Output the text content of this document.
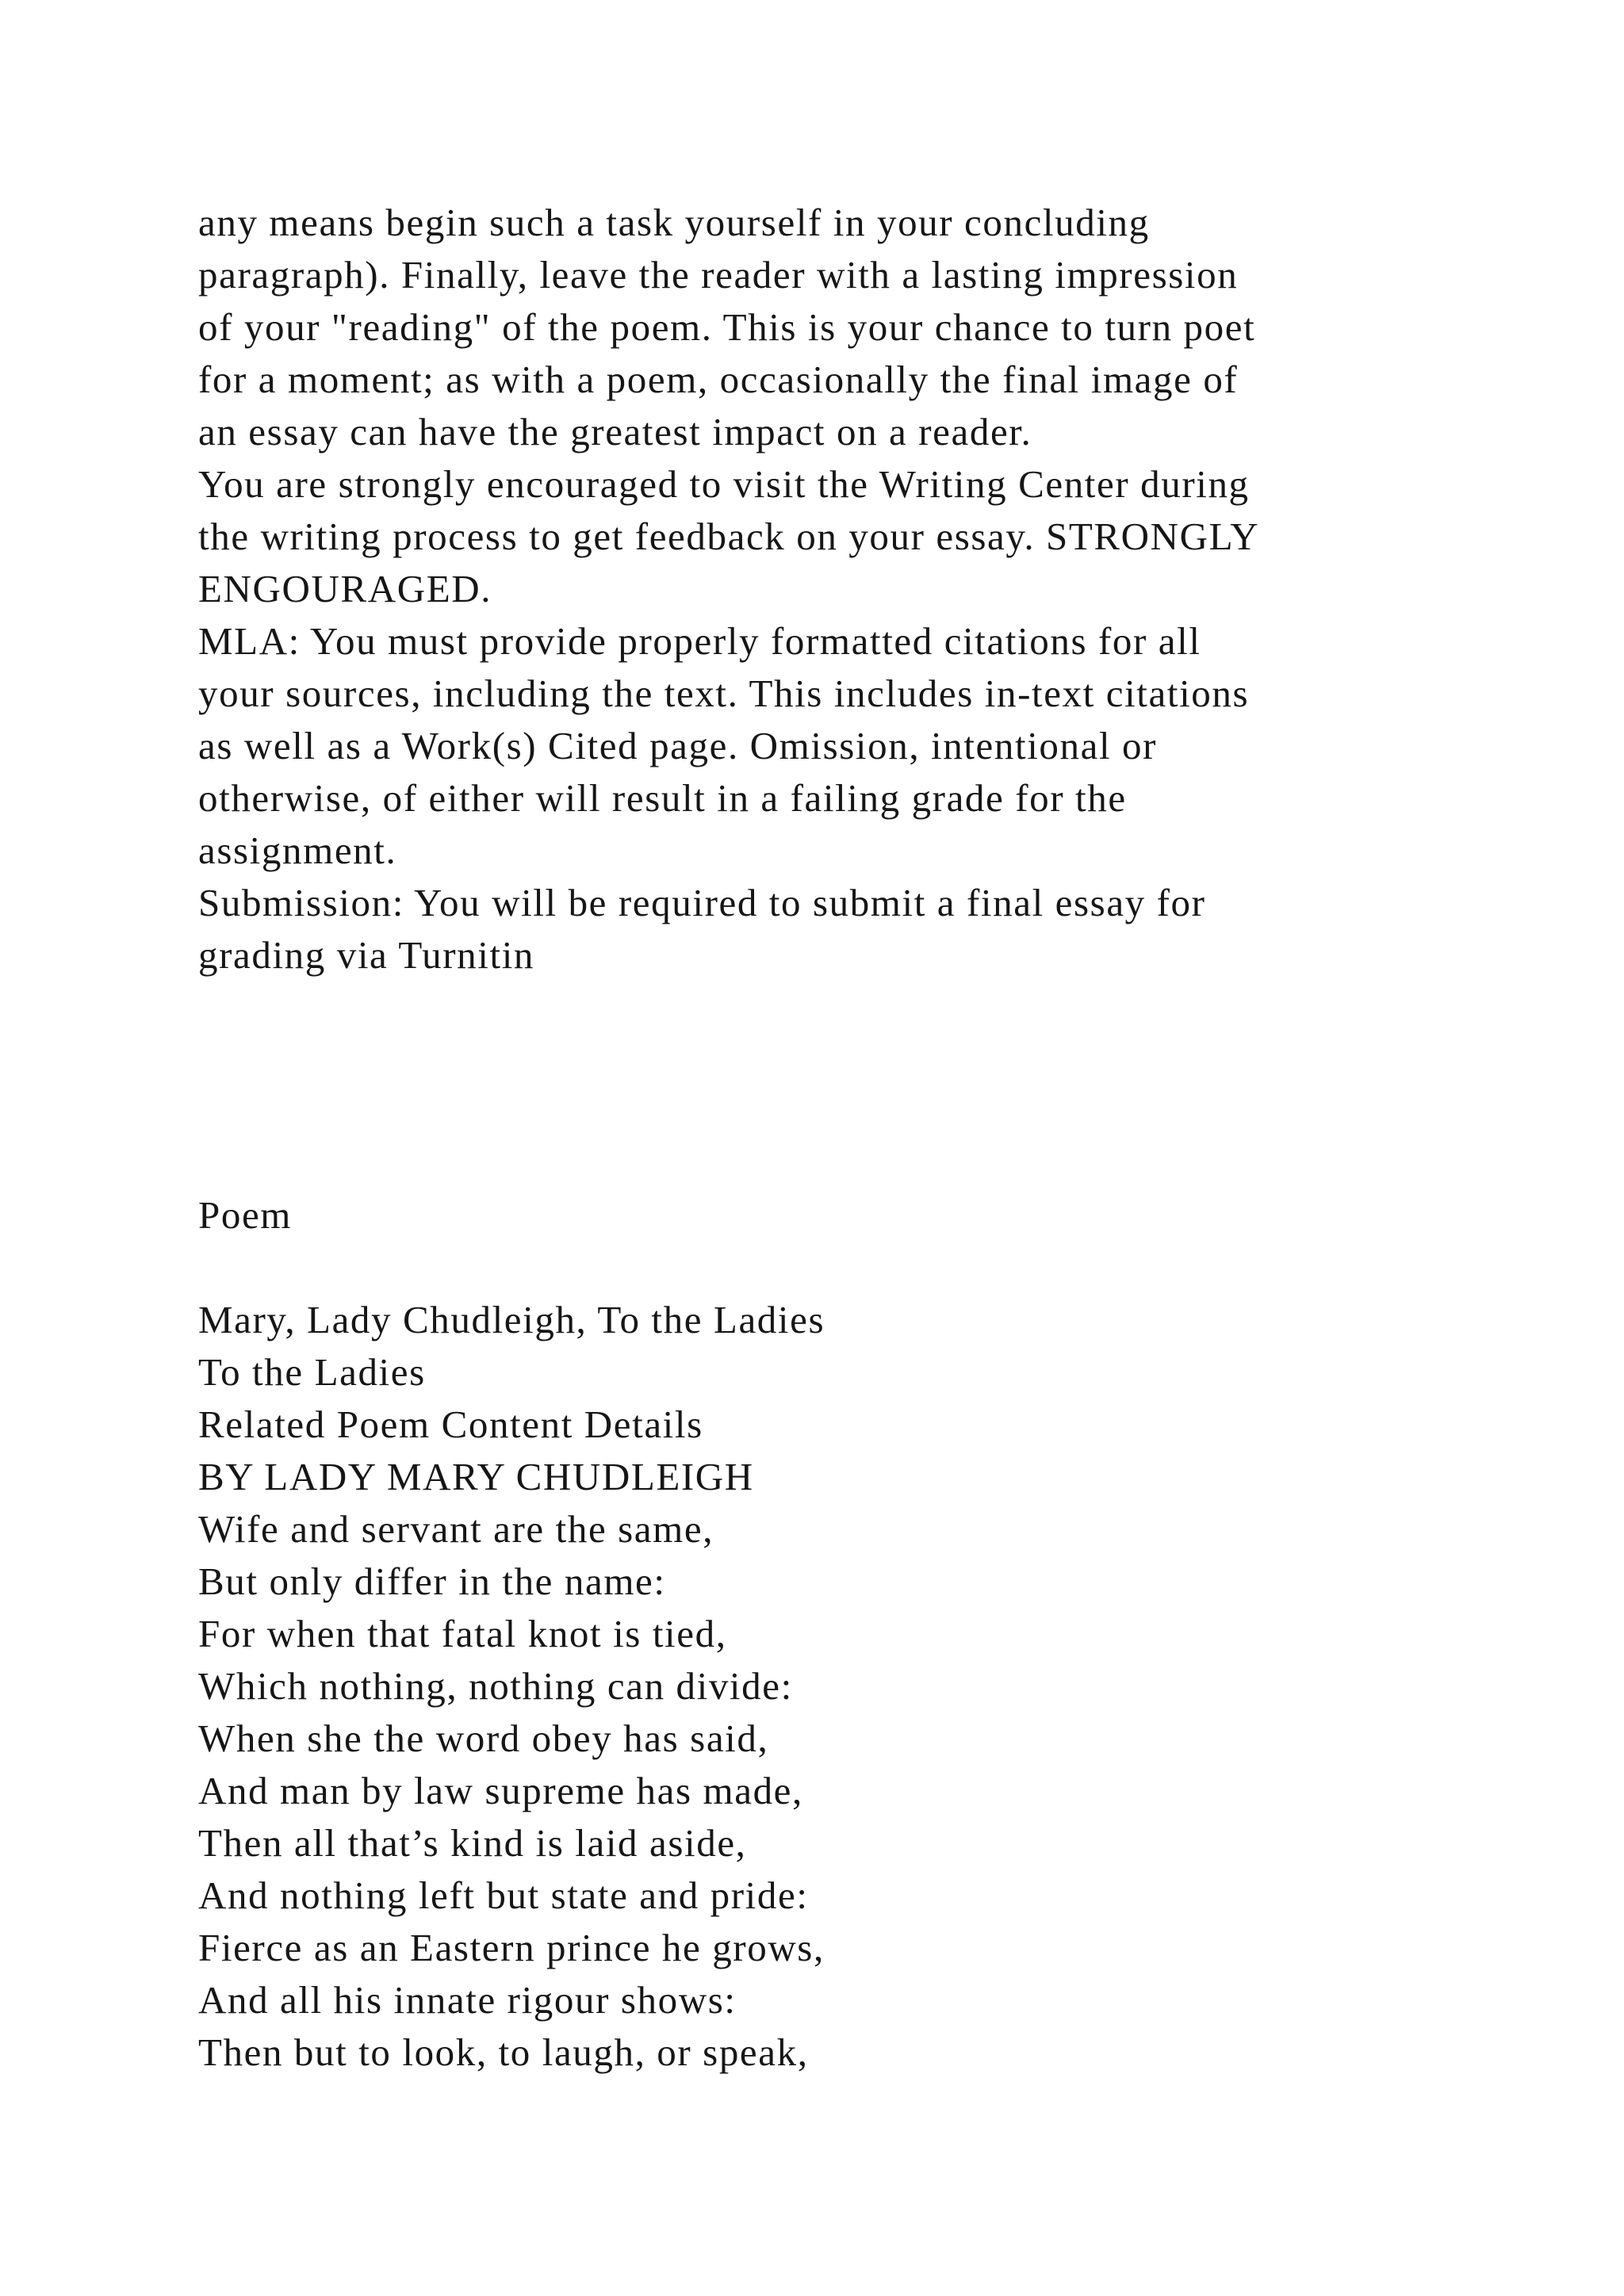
any means begin such a task yourself in your concluding

paragraph). Finally, leave the reader with a lasting impression

of your "reading" of the poem. This is your chance to turn poet

for a moment; as with a poem, occasionally the final image of

an essay can have the greatest impact on a reader.

You are strongly encouraged to visit the Writing Center during

the writing process to get feedback on your essay. STRONGLY

ENGOURAGED.

MLA: You must provide properly formatted citations for all

your sources, including the text. This includes in-text citations

as well as a Work(s) Cited page. Omission, intentional or

otherwise, of either will result in a failing grade for the

assignment.

Submission: You will be required to submit a final essay for

grading via Turnitin

Poem

Mary, Lady Chudleigh, To the Ladies

To the Ladies

Related Poem Content Details

BY LADY MARY CHUDLEIGH

Wife and servant are the same,

But only differ in the name:

For when that fatal knot is tied,

Which nothing, nothing can divide:

When she the word obey has said,

And man by law supreme has made,

Then all that’s kind is laid aside,

And nothing left but state and pride:

Fierce as an Eastern prince he grows,

And all his innate rigour shows:

Then but to look, to laugh, or speak,
